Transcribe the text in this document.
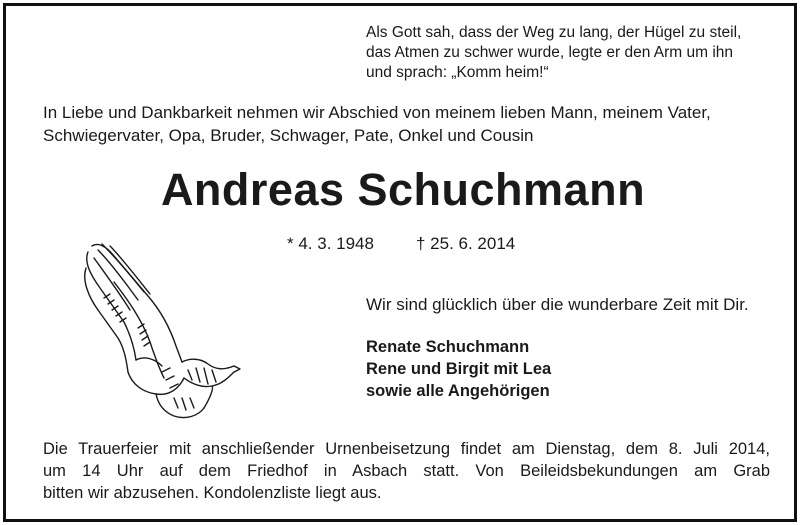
Als Gott sah, dass der Weg zu lang, der Hügel zu steil,
das Atmen zu schwer wurde, legte er den Arm um ihn
und sprach: „Komm heim!“
In Liebe und Dankbarkeit nehmen wir Abschied von meinem lieben Mann, meinem Vater,
Schwiegervater, Opa, Bruder, Schwager, Pate, Onkel und Cousin
Andreas Schuchmann
* 4. 3. 1948 † 25. 6. 2014
Wir sind glücklich über die wunderbare Zeit mit Dir.
Renate Schuchmann
Rene und Birgit mit Lea
sowie alle Angehörigen
Die Trauerfeier mit anschließender Urnenbeisetzung findet am Dienstag, dem 8. Juli 2014,
um 14 Uhr auf dem Friedhof in Asbach statt. Von Beileidsbekundungen am Grab
bitten wir abzusehen. Kondolenzliste liegt aus.
